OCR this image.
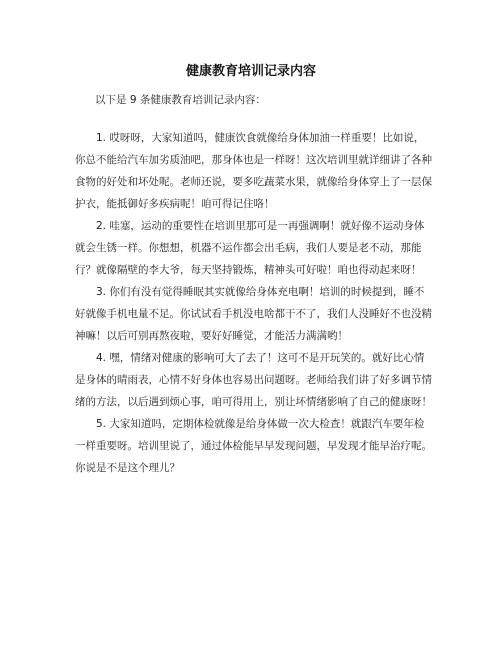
健康教育培训记录内容
以下是 9 条健康教育培训记录内容：
1. 哎呀呀，大家知道吗，健康饮食就像给身体加油一样重要！比如说，你总不能给汽车加劣质油吧，那身体也是一样呀！这次培训里就详细讲了各种食物的好处和坏处呢。老师还说，要多吃蔬菜水果，就像给身体穿上了一层保护衣，能抵御好多疾病呢！咱可得记住咯！
2. 哇塞，运动的重要性在培训里那可是一再强调啊！就好像不运动身体就会生锈一样。你想想，机器不运作都会出毛病，我们人要是老不动，那能行？就像隔壁的李大爷，每天坚持锻炼，精神头可好啦！咱也得动起来呀！
3. 你们有没有觉得睡眠其实就像给身体充电啊！培训的时候提到，睡不好就像手机电量不足。你试试看手机没电啥都干不了，我们人没睡好不也没精神嘛！以后可别再熬夜啦，要好好睡觉，才能活力满满哟！
4. 嘿，情绪对健康的影响可大了去了！这可不是开玩笑的。就好比心情是身体的晴雨表，心情不好身体也容易出问题呀。老师给我们讲了好多调节情绪的方法，以后遇到烦心事，咱可得用上，别让坏情绪影响了自己的健康呀！
5. 大家知道吗，定期体检就像是给身体做一次大检查！就跟汽车要年检一样重要呀。培训里说了，通过体检能早早发现问题，早发现才能早治疗呢。你说是不是这个理儿？
